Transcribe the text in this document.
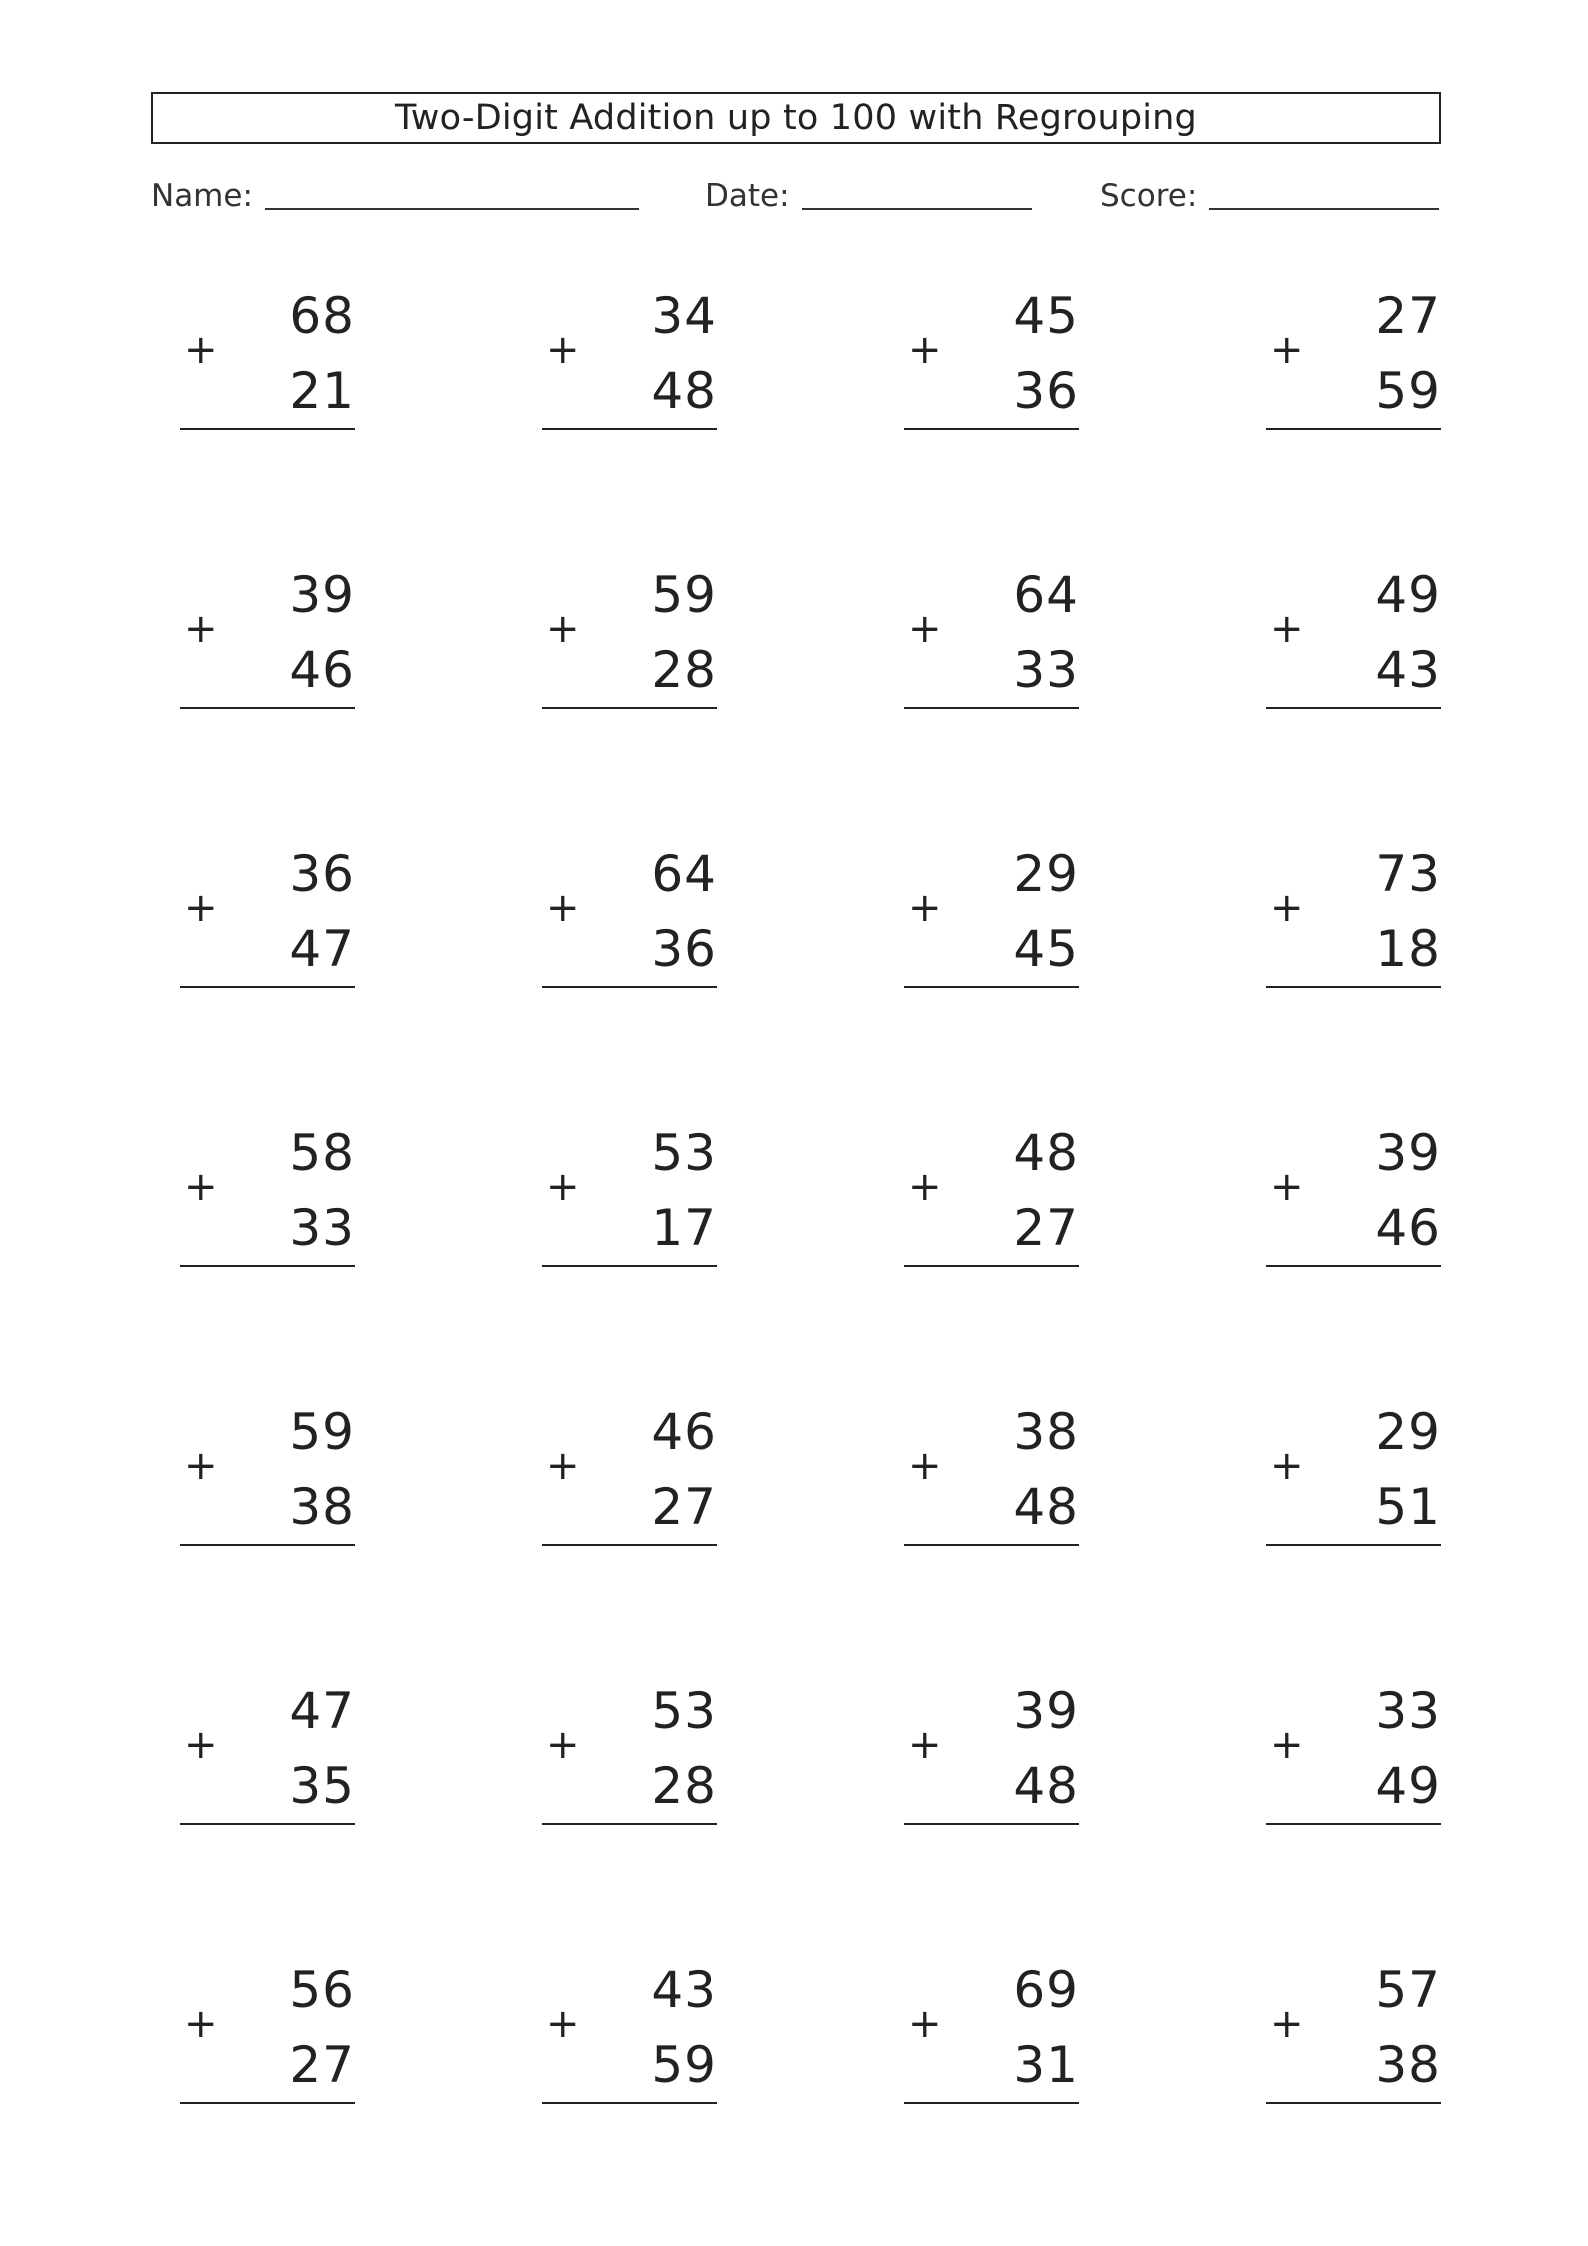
Two-Digit Addition up to 100 with Regrouping
Name:	Date:	Score:
68
+
21
34
+
48
45
+
36
27
+
59
39
+
46
59
+
28
64
+
33
49
+
43
36
+
47
64
+
36
29
+
45
73
+
18
58
+
33
53
+
17
48
+
27
39
+
46
59
+
38
46
+
27
38
+
48
29
+
51
47
+
35
53
+
28
39
+
48
33
+
49
56
+
27
43
+
59
69
+
31
57
+
38
